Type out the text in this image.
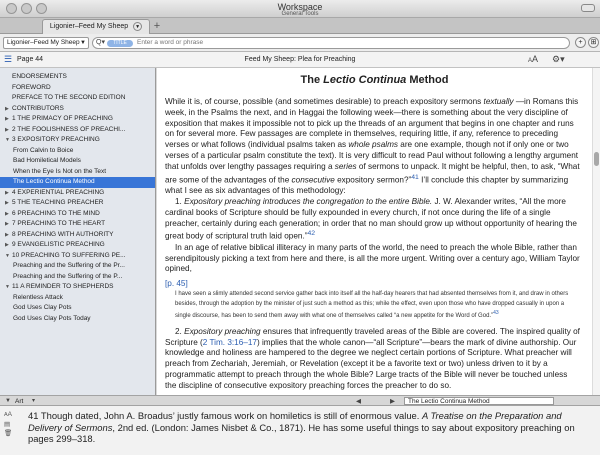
Workspace
General Tools
Ligonier–Feed My Sheep ▼	+
Ligonier–Feed My Sheep ▼ Q▾	TITLE
Enter a word or phrase	+	⊞
☰ Page 44	Feed My Sheep: Plea for Preaching	AA ⚙▾
ENDORSEMENTS
FOREWORD
PREFACE TO THE SECOND EDITION
▶ CONTRIBUTORS
▶ 1 THE PRIMACY OF PREACHING
▶ 2 THE FOOLISHNESS OF PREACHI...
▼ 3 EXPOSITORY PREACHING
From Calvin to Boice
Bad Homiletical Models
When the Eye Is Not on the Text
The Lectio Continua Method
▶ 4 EXPERIENTIAL PREACHING
▶ 5 THE TEACHING PREACHER
▶ 6 PREACHING TO THE MIND
▶ 7 PREACHING TO THE HEART
▶ 8 PREACHING WITH AUTHORITY
▶ 9 EVANGELISTIC PREACHING
▼ 10 PREACHING TO SUFFERING PE...
Preaching and the Suffering of the Pr...
Preaching and the Suffering of the P...
▼ 11 A REMINDER TO SHEPHERDS
Relentless Attack
God Uses Clay Pots
God Uses Clay Pots Today
The Lectio Continua Method

While it is, of course, possible (and sometimes desirable) to preach expository sermons textually —in Romans this week, in the Psalms the next, and in Haggai the following week—there is something about the very discipline of exposition that makes it impossible not to pick up the threads of an argument that begins in one chapter and runs on for several more. Few passages are complete in themselves, requiring little, if any, reference to preceding verses or what follows (individual psalms taken as whole psalms are one example, though not if only one or two verses of a particular psalm constitute the text). It is very difficult to read Paul without following a lengthy argument that unfolds over lengthy passages requiring a series of sermons to unpack. It might be helpful, then, to ask, “What are some of the advantages of the consecutive expository sermon?”$^{41}$ I’ll conclude this chapter by summarizing what I see as six advantages of this methodology:

1. Expository preaching introduces the congregation to the entire Bible. J. W. Alexander writes, “All the more cardinal books of Scripture should be fully expounded in every church, if not once during the life of a single preacher, certainly during each generation; in order that no man should grow up without opportunity of hearing the great body of scriptural truth laid open.”$^{42}$

In an age of relative biblical illiteracy in many parts of the world, the need to preach the whole Bible, rather than serendipitously picking a text from here and there, is all the more urgent. Writing over a century ago, William Taylor opined,

[p. 45]

I have seen a slimly attended second service gather back into itself all the half-day hearers that had absented themselves from it, and draw in others besides, through the adoption by the minister of just such a method as this; while the effect, even upon those who have dropped casually in upon a single discourse, has been to send them away with what one of themselves called “a new appetite for the Word of God.”$^{43}$

2. Expository preaching ensures that infrequently traveled areas of the Bible are covered. The inspired quality of Scripture (2 Tim. 3:16–17) implies that the whole canon—“all Scripture”—bears the mark of divine authorship. Our knowledge and holiness are hampered to the degree we neglect certain portions of Scripture. What preacher will preach from Zechariah, Jeremiah, or Revelation (except it be a favorite text or two) unless driven to it by a programmatic attempt to preach through the whole Bible? Large tracts of the Bible will never be touched unless the discipline of consecutive expository preaching forces the preacher to do so.

▼ Art ▾	◀	▶	The Lectio Continua Method
AA
▤
🗑
41 Though dated, John A. Broadus’ justly famous work on homiletics is still of enormous value. A Treatise on the Preparation and Delivery of Sermons, 2nd ed. (London: James Nisbet & Co., 1871). He has some useful things to say about expository preaching on pages 299–318.
